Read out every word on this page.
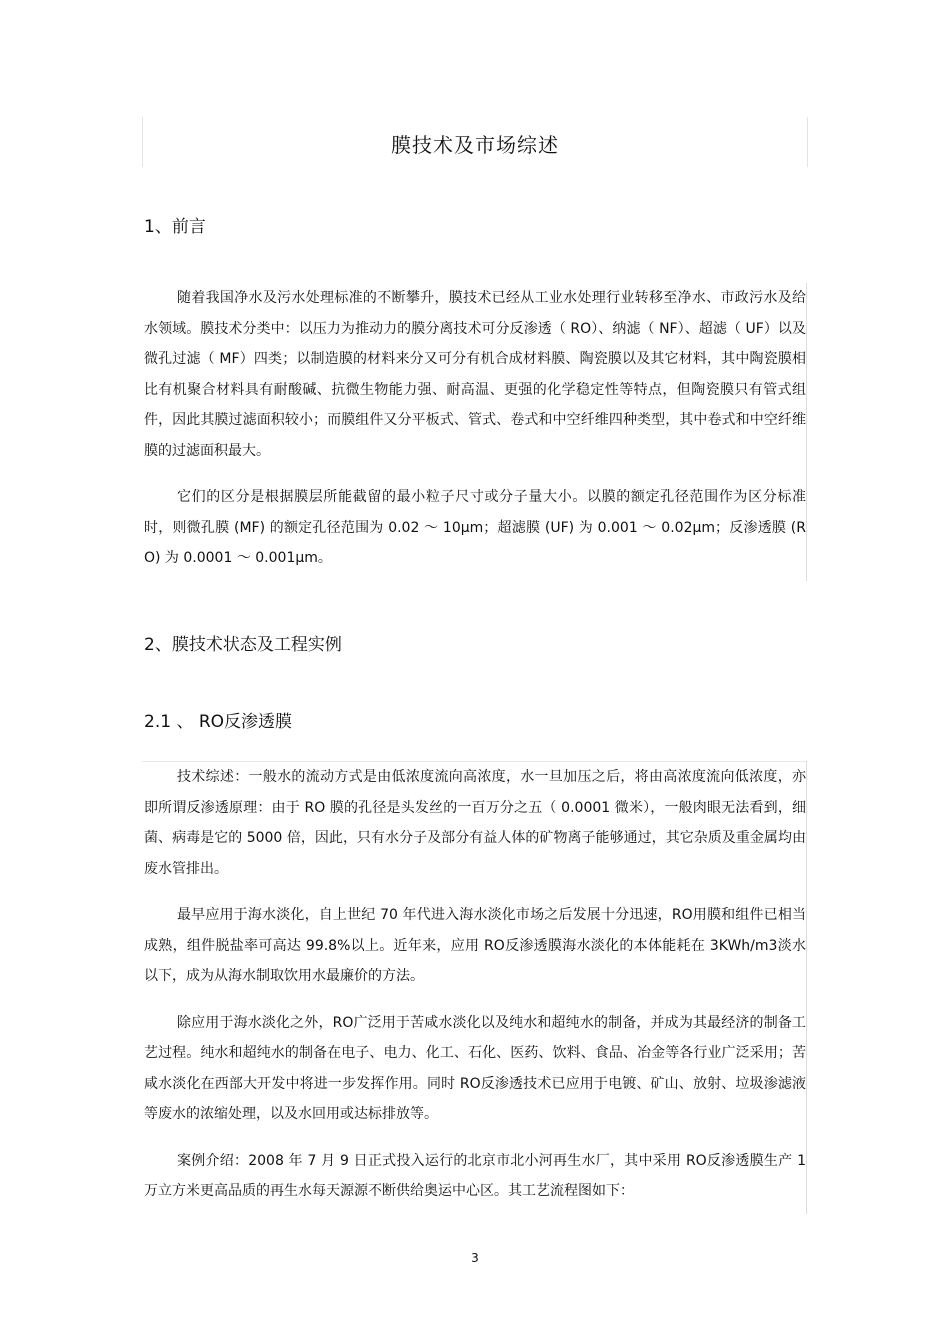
膜技术及市场综述
1、前言

随着我国净水及污水处理标准的不断攀升，膜技术已经从工业水处理行业转移至净水、市政污水及给水领域。膜技术分类中：以压力为推动力的膜分离技术可分反渗透（ RO）、纳滤（ NF）、超滤（ UF）以及微孔过滤（ MF）四类；以制造膜的材料来分又可分有机合成材料膜、陶瓷膜以及其它材料，其中陶瓷膜相比有机聚合材料具有耐酸碱、抗微生物能力强、耐高温、更强的化学稳定性等特点，但陶瓷膜只有管式组件，因此其膜过滤面积较小；而膜组件又分平板式、管式、卷式和中空纤维四种类型，其中卷式和中空纤维膜的过滤面积最大。

它们的区分是根据膜层所能截留的最小粒子尺寸或分子量大小。以膜的额定孔径范围作为区分标准时，则微孔膜 (MF) 的额定孔径范围为 0.02 ～ 10μm；超滤膜 (UF) 为 0.001 ～ 0.02μm；反渗透膜 (RO) 为 0.0001 ～ 0.001μm。

2、膜技术状态及工程实例
2.1 、 RO反渗透膜

技术综述：一般水的流动方式是由低浓度流向高浓度，水一旦加压之后，将由高浓度流向低浓度，亦即所谓反渗透原理：由于 RO 膜的孔径是头发丝的一百万分之五（ 0.0001 微米），一般肉眼无法看到，细菌、病毒是它的 5000 倍，因此，只有水分子及部分有益人体的矿物离子能够通过，其它杂质及重金属均由废水管排出。

最早应用于海水淡化，自上世纪 70 年代进入海水淡化市场之后发展十分迅速，RO用膜和组件已相当成熟，组件脱盐率可高达 99.8%以上。近年来，应用 RO反渗透膜海水淡化的本体能耗在 3KWh/m3淡水以下，成为从海水制取饮用水最廉价的方法。

除应用于海水淡化之外，RO广泛用于苦咸水淡化以及纯水和超纯水的制备，并成为其最经济的制备工艺过程。纯水和超纯水的制备在电子、电力、化工、石化、医药、饮料、食品、冶金等各行业广泛采用；苦咸水淡化在西部大开发中将进一步发挥作用。同时 RO反渗透技术已应用于电镀、矿山、放射、垃圾渗滤液等废水的浓缩处理，以及水回用或达标排放等。

案例介绍：2008 年 7 月 9 日正式投入运行的北京市北小河再生水厂，其中采用 RO反渗透膜生产 1 万立方米更高品质的再生水每天源源不断供给奥运中心区。其工艺流程图如下：

3
